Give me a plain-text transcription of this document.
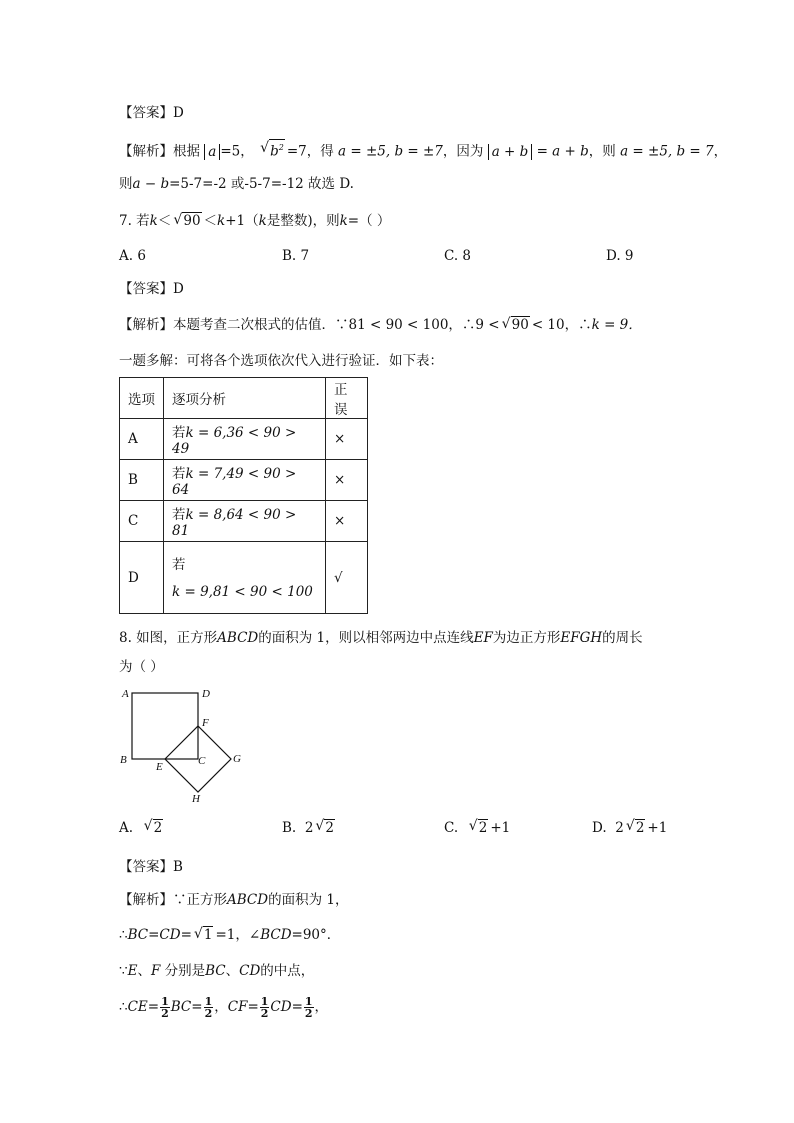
【答案】D
【解析】根据 a =5， √ $b^2 =7$，得 a = ±5, b = ±7，因为 a + b = a + b，则 a = ±5, b = 7，
则a − b=5-7=-2 或-5-7=-12 故选 D.
7. 若k＜ √ 90 ＜k+1（k是整数)，则k=（ ）
A. 6	B. 7	C. 8	D. 9
【答案】D
【解析】本题考查二次根式的估值．∵81 < 90 < 100，∴9 < √ 90 < 10，∴k = 9．
一题多解：可将各个选项依次代入进行验证．如下表：
选项	逐项分析	正误
A	若k = 6,36 < 90 > 49	×
B	若k = 7,49 < 90 > 64	×
C	若k = 8,64 < 90 > 81	×
D	若
k = 9,81 < 90 < 100	√
8. 如图，正方形ABCD的面积为 1，则以相邻两边中点连线EF为边正方形EFGH的周长
为（ ）
A	D
B	C
E
F
G
H
A. √ 2	B. 2 √ 2	C. √ 2 +1	D. 2 √ 2 +1
【答案】B
【解析】∵正方形ABCD的面积为 1，
∴BC=CD= √ 1 =1，∠BCD=90°．
∵E、F 分别是BC、CD的中点，
∴CE= $\frac{1}{2} BC= \frac{1}{2}$ ，$CF= \frac{1}{2} CD= \frac{1}{2}$ ，
